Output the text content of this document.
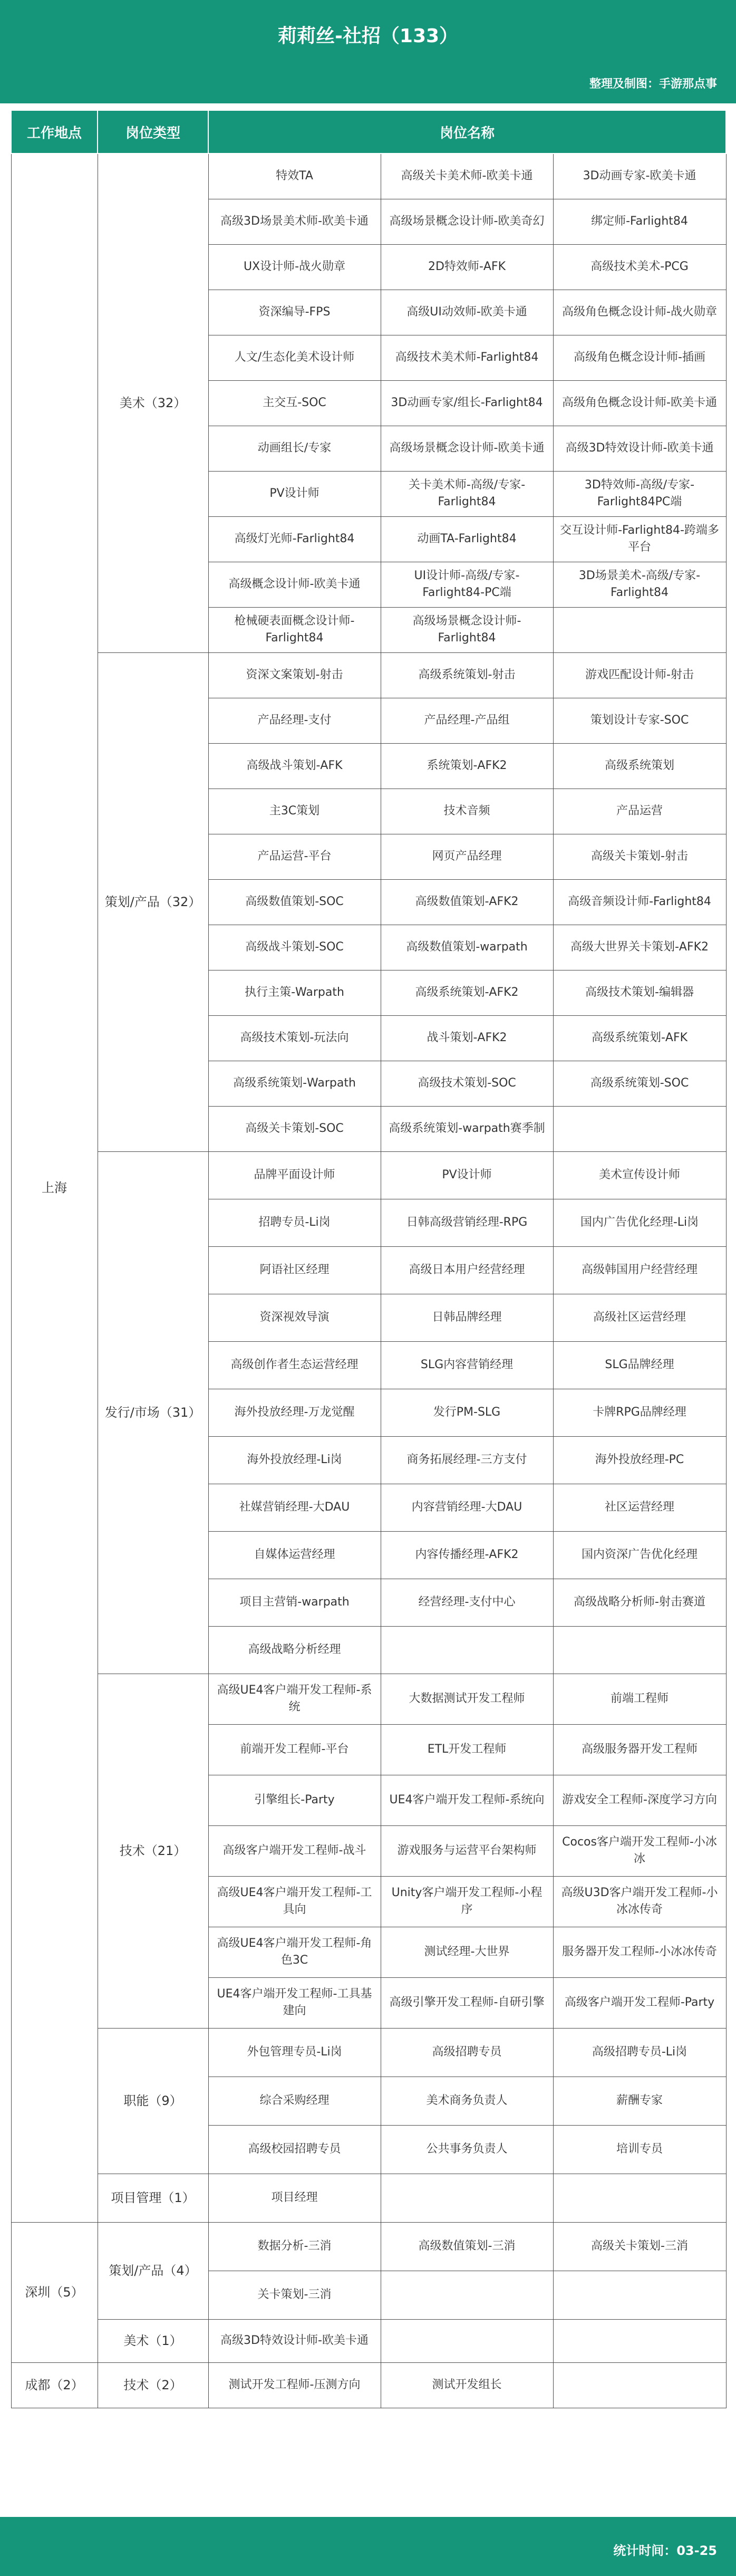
莉莉丝-社招（133）
整理及制图：手游那点事
工作地点	岗位类型	岗位名称		
上海	美术（32）	特效TA	高级关卡美术师-欧美卡通	3D动画专家-欧美卡通
		高级3D场景美术师-欧美卡通	高级场景概念设计师-欧美奇幻	绑定师-Farlight84
		UX设计师-战火勋章	2D特效师-AFK	高级技术美术-PCG
		资深编导-FPS	高级UI动效师-欧美卡通	高级角色概念设计师-战火勋章
		人文/生态化美术设计师	高级技术美术师-Farlight84	高级角色概念设计师-插画
		主交互-SOC	3D动画专家/组长-Farlight84	高级角色概念设计师-欧美卡通
		动画组长/专家	高级场景概念设计师-欧美卡通	高级3D特效设计师-欧美卡通
		PV设计师	关卡美术师-高级/专家-Farlight84	3D特效师-高级/专家-Farlight84PC端
		高级灯光师-Farlight84	动画TA-Farlight84	交互设计师-Farlight84-跨端多平台
		高级概念设计师-欧美卡通	UI设计师-高级/专家-Farlight84-PC端	3D场景美术-高级/专家-Farlight84
		枪械硬表面概念设计师-Farlight84	高级场景概念设计师-Farlight84	
	策划/产品（32）	资深文案策划-射击	高级系统策划-射击	游戏匹配设计师-射击
		产品经理-支付	产品经理-产品组	策划设计专家-SOC
		高级战斗策划-AFK	系统策划-AFK2	高级系统策划
		主3C策划	技术音频	产品运营
		产品运营-平台	网页产品经理	高级关卡策划-射击
		高级数值策划-SOC	高级数值策划-AFK2	高级音频设计师-Farlight84
		高级战斗策划-SOC	高级数值策划-warpath	高级大世界关卡策划-AFK2
		执行主策-Warpath	高级系统策划-AFK2	高级技术策划-编辑器
		高级技术策划-玩法向	战斗策划-AFK2	高级系统策划-AFK
		高级系统策划-Warpath	高级技术策划-SOC	高级系统策划-SOC
		高级关卡策划-SOC	高级系统策划-warpath赛季制	
	发行/市场（31）	品牌平面设计师	PV设计师	美术宣传设计师
		招聘专员-Li岗	日韩高级营销经理-RPG	国内广告优化经理-Li岗
		阿语社区经理	高级日本用户经营经理	高级韩国用户经营经理
		资深视效导演	日韩品牌经理	高级社区运营经理
		高级创作者生态运营经理	SLG内容营销经理	SLG品牌经理
		海外投放经理-万龙觉醒	发行PM-SLG	卡牌RPG品牌经理
		海外投放经理-Li岗	商务拓展经理-三方支付	海外投放经理-PC
		社媒营销经理-大DAU	内容营销经理-大DAU	社区运营经理
		自媒体运营经理	内容传播经理-AFK2	国内资深广告优化经理
		项目主营销-warpath	经营经理-支付中心	高级战略分析师-射击赛道
		高级战略分析经理		
	技术（21）	高级UE4客户端开发工程师-系统	大数据测试开发工程师	前端工程师
		前端开发工程师-平台	ETL开发工程师	高级服务器开发工程师
		引擎组长-Party	UE4客户端开发工程师-系统向	游戏安全工程师-深度学习方向
		高级客户端开发工程师-战斗	游戏服务与运营平台架构师	Cocos客户端开发工程师-小冰冰
		高级UE4客户端开发工程师-工具向	Unity客户端开发工程师-小程序	高级U3D客户端开发工程师-小冰冰传奇
		高级UE4客户端开发工程师-角色3C	测试经理-大世界	服务器开发工程师-小冰冰传奇
		UE4客户端开发工程师-工具基建向	高级引擎开发工程师-自研引擎	高级客户端开发工程师-Party
	职能（9）	外包管理专员-Li岗	高级招聘专员	高级招聘专员-Li岗
		综合采购经理	美术商务负责人	薪酬专家
		高级校园招聘专员	公共事务负责人	培训专员
	项目管理（1）	项目经理		
深圳（5）	策划/产品（4）	数据分析-三消	高级数值策划-三消	高级关卡策划-三消
		关卡策划-三消		
	美术（1）	高级3D特效设计师-欧美卡通		
成都（2）	技术（2）	测试开发工程师-压测方向	测试开发组长	
统计时间：03-25
